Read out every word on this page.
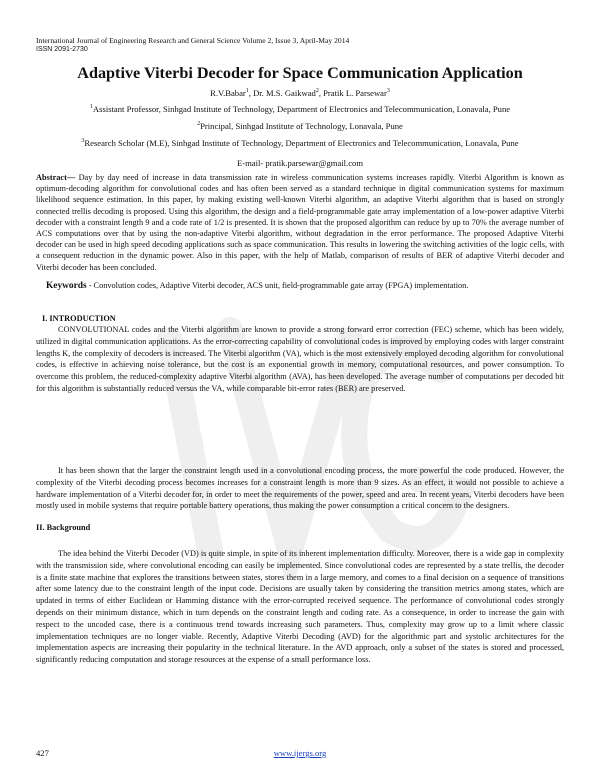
International Journal of Engineering Research and General Science Volume 2, Issue 3, April-May 2014
ISSN 2091-2730
Adaptive Viterbi Decoder for Space Communication Application
R.V.Babar$^1$, Dr. M.S. Gaikwad$^2$, Pratik L. Parsewar$^3$
$^1$Assistant Professor, Sinhgad Institute of Technology, Department of Electronics and Telecommunication, Lonavala, Pune
$^2$Principal, Sinhgad Institute of Technology, Lonavala, Pune
$^3$Research Scholar (M.E), Sinhgad Institute of Technology, Department of Electronics and Telecommunication, Lonavala, Pune
E-mail- pratik.parsewar@gmail.com
Abstract— Day by day need of increase in data transmission rate in wireless communication systems increases rapidly. Viterbi Algorithm is known as optimum-decoding algorithm for convolutional codes and has often been served as a standard technique in digital communication systems for maximum likelihood sequence estimation. In this paper, by making existing well-known Viterbi algorithm, an adaptive Viterbi algorithm that is based on strongly connected trellis decoding is proposed. Using this algorithm, the design and a field-programmable gate array implementation of a low-power adaptive Viterbi decoder with a constraint length 9 and a code rate of 1/2 is presented. It is shown that the proposed algorithm can reduce by up to 70% the average number of ACS computations over that by using the non-adaptive Viterbi algorithm, without degradation in the error performance. The proposed Adaptive Viterbi decoder can be used in high speed decoding applications such as space communication. This results in lowering the switching activities of the logic cells, with a consequent reduction in the dynamic power. Also in this paper, with the help of Matlab, comparison of results of BER of adaptive Viterbi decoder and Viterbi decoder has been concluded.
Keywords - Convolution codes, Adaptive Viterbi decoder, ACS unit, field-programmable gate array (FPGA) implementation.
I. INTRODUCTION
CONVOLUTIONAL codes and the Viterbi algorithm are known to provide a strong forward error correction (FEC) scheme, which has been widely, utilized in digital communication applications. As the error-correcting capability of convolutional codes is improved by employing codes with larger constraint lengths K, the complexity of decoders is increased. The Viterbi algorithm (VA), which is the most extensively employed decoding algorithm for convolutional codes, is effective in achieving noise tolerance, but the cost is an exponential growth in memory, computational resources, and power consumption. To overcome this problem, the reduced-complexity adaptive Viterbi algorithm (AVA), has been developed. The average number of computations per decoded bit for this algorithm is substantially reduced versus the VA, while comparable bit-error rates (BER) are preserved.
It has been shown that the larger the constraint length used in a convolutional encoding process, the more powerful the code produced. However, the complexity of the Viterbi decoding process becomes increases for a constraint length is more than 9 sizes. As an effect, it would not possible to achieve a hardware implementation of a Viterbi decoder for, in order to meet the requirements of the power, speed and area. In recent years, Viterbi decoders have been mostly used in mobile systems that require portable battery operations, thus making the power consumption a critical concern to the designers.
II. Background
The idea behind the Viterbi Decoder (VD) is quite simple, in spite of its inherent implementation difficulty. Moreover, there is a wide gap in complexity with the transmission side, where convolutional encoding can easily be implemented. Since convolutional codes are represented by a state trellis, the decoder is a finite state machine that explores the transitions between states, stores them in a large memory, and comes to a final decision on a sequence of transitions after some latency due to the constraint length of the input code. Decisions are usually taken by considering the transition metrics among states, which are updated in terms of either Euclidean or Hamming distance with the error-corrupted received sequence. The performance of convolutional codes strongly depends on their minimum distance, which in turn depends on the constraint length and coding rate. As a consequence, in order to increase the gain with respect to the uncoded case, there is a continuous trend towards increasing such parameters. Thus, complexity may grow up to a limit where classic implementation techniques are no longer viable. Recently, Adaptive Viterbi Decoding (AVD) for the algorithmic part and systolic architectures for the implementation aspects are increasing their popularity in the technical literature. In the AVD approach, only a subset of the states is stored and processed, significantly reducing computation and storage resources at the expense of a small performance loss.
427	www.ijergs.org
